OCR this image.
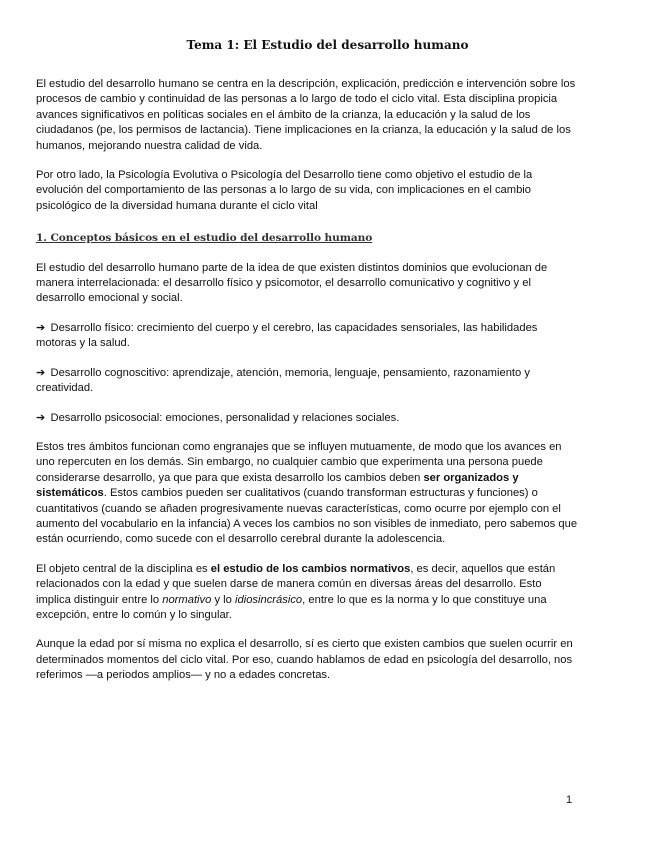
Tema 1: El Estudio del desarrollo humano

El estudio del desarrollo humano se centra en la descripción, explicación, predicción e intervención sobre los procesos de cambio y continuidad de las personas a lo largo de todo el ciclo vital. Esta disciplina propicia avances significativos en políticas sociales en el ámbito de la crianza, la educación y la salud de los ciudadanos (pe, los permisos de lactancia). Tiene implicaciones en la crianza, la educación y la salud de los humanos, mejorando nuestra calidad de vida.

Por otro lado, la Psicología Evolutiva o Psicología del Desarrollo tiene como objetivo el estudio de la evolución del comportamiento de las personas a lo largo de su vida, con implicaciones en el cambio psicológico de la diversidad humana durante el ciclo vital

1. Conceptos básicos en el estudio del desarrollo humano

El estudio del desarrollo humano parte de la idea de que existen distintos dominios que evolucionan de manera interrelacionada: el desarrollo físico y psicomotor, el desarrollo comunicativo y cognitivo y el desarrollo emocional y social.

➔ Desarrollo físico: crecimiento del cuerpo y el cerebro, las capacidades sensoriales, las habilidades motoras y la salud.

➔ Desarrollo cognoscitivo: aprendizaje, atención, memoria, lenguaje, pensamiento, razonamiento y creatividad.

➔ Desarrollo psicosocial: emociones, personalidad y relaciones sociales.

Estos tres ámbitos funcionan como engranajes que se influyen mutuamente, de modo que los avances en uno repercuten en los demás. Sin embargo, no cualquier cambio que experimenta una persona puede considerarse desarrollo, ya que para que exista desarrollo los cambios deben ser organizados y sistemáticos. Estos cambios pueden ser cualitativos (cuando transforman estructuras y funciones) o cuantitativos (cuando se añaden progresivamente nuevas características, como ocurre por ejemplo con el aumento del vocabulario en la infancia) A veces los cambios no son visibles de inmediato, pero sabemos que están ocurriendo, como sucede con el desarrollo cerebral durante la adolescencia.

El objeto central de la disciplina es el estudio de los cambios normativos, es decir, aquellos que están relacionados con la edad y que suelen darse de manera común en diversas áreas del desarrollo. Esto implica distinguir entre lo normativo y lo idiosincrásico, entre lo que es la norma y lo que constituye una excepción, entre lo común y lo singular.

Aunque la edad por sí misma no explica el desarrollo, sí es cierto que existen cambios que suelen ocurrir en determinados momentos del ciclo vital. Por eso, cuando hablamos de edad en psicología del desarrollo, nos referimos —a periodos amplios— y no a edades concretas.

1
